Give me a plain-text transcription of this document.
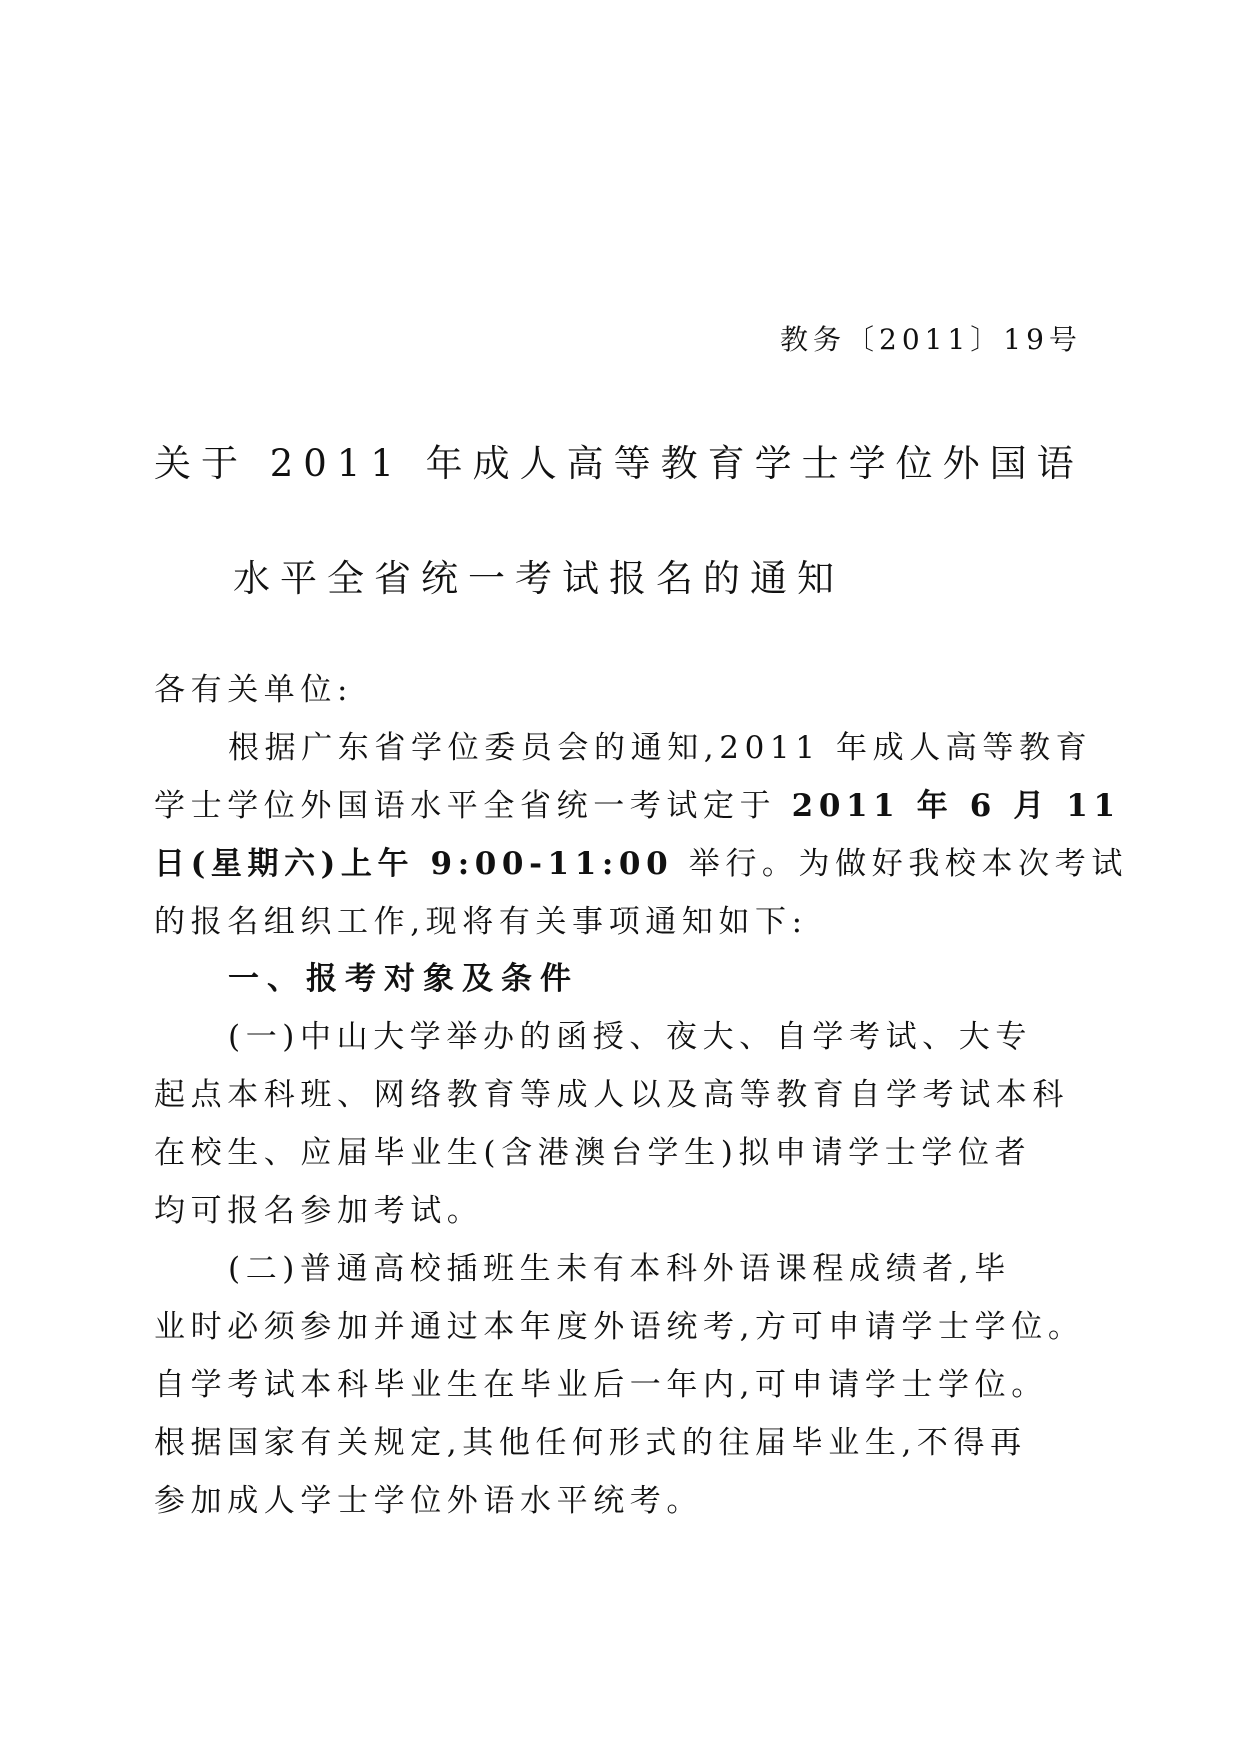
教务〔2011〕19号
关于 2011 年成人高等教育学士学位外国语
水平全省统一考试报名的通知
各有关单位:
根据广东省学位委员会的通知,2011 年成人高等教育
学士学位外国语水平全省统一考试定于 2011 年 6 月 11
日(星期六)上午 9:00-11:00 举行。为做好我校本次考试
的报名组织工作,现将有关事项通知如下:
一、报考对象及条件
(一)中山大学举办的函授、夜大、自学考试、大专
起点本科班、网络教育等成人以及高等教育自学考试本科
在校生、应届毕业生(含港澳台学生)拟申请学士学位者
均可报名参加考试。
(二)普通高校插班生未有本科外语课程成绩者,毕
业时必须参加并通过本年度外语统考,方可申请学士学位。
自学考试本科毕业生在毕业后一年内,可申请学士学位。
根据国家有关规定,其他任何形式的往届毕业生,不得再
参加成人学士学位外语水平统考。
